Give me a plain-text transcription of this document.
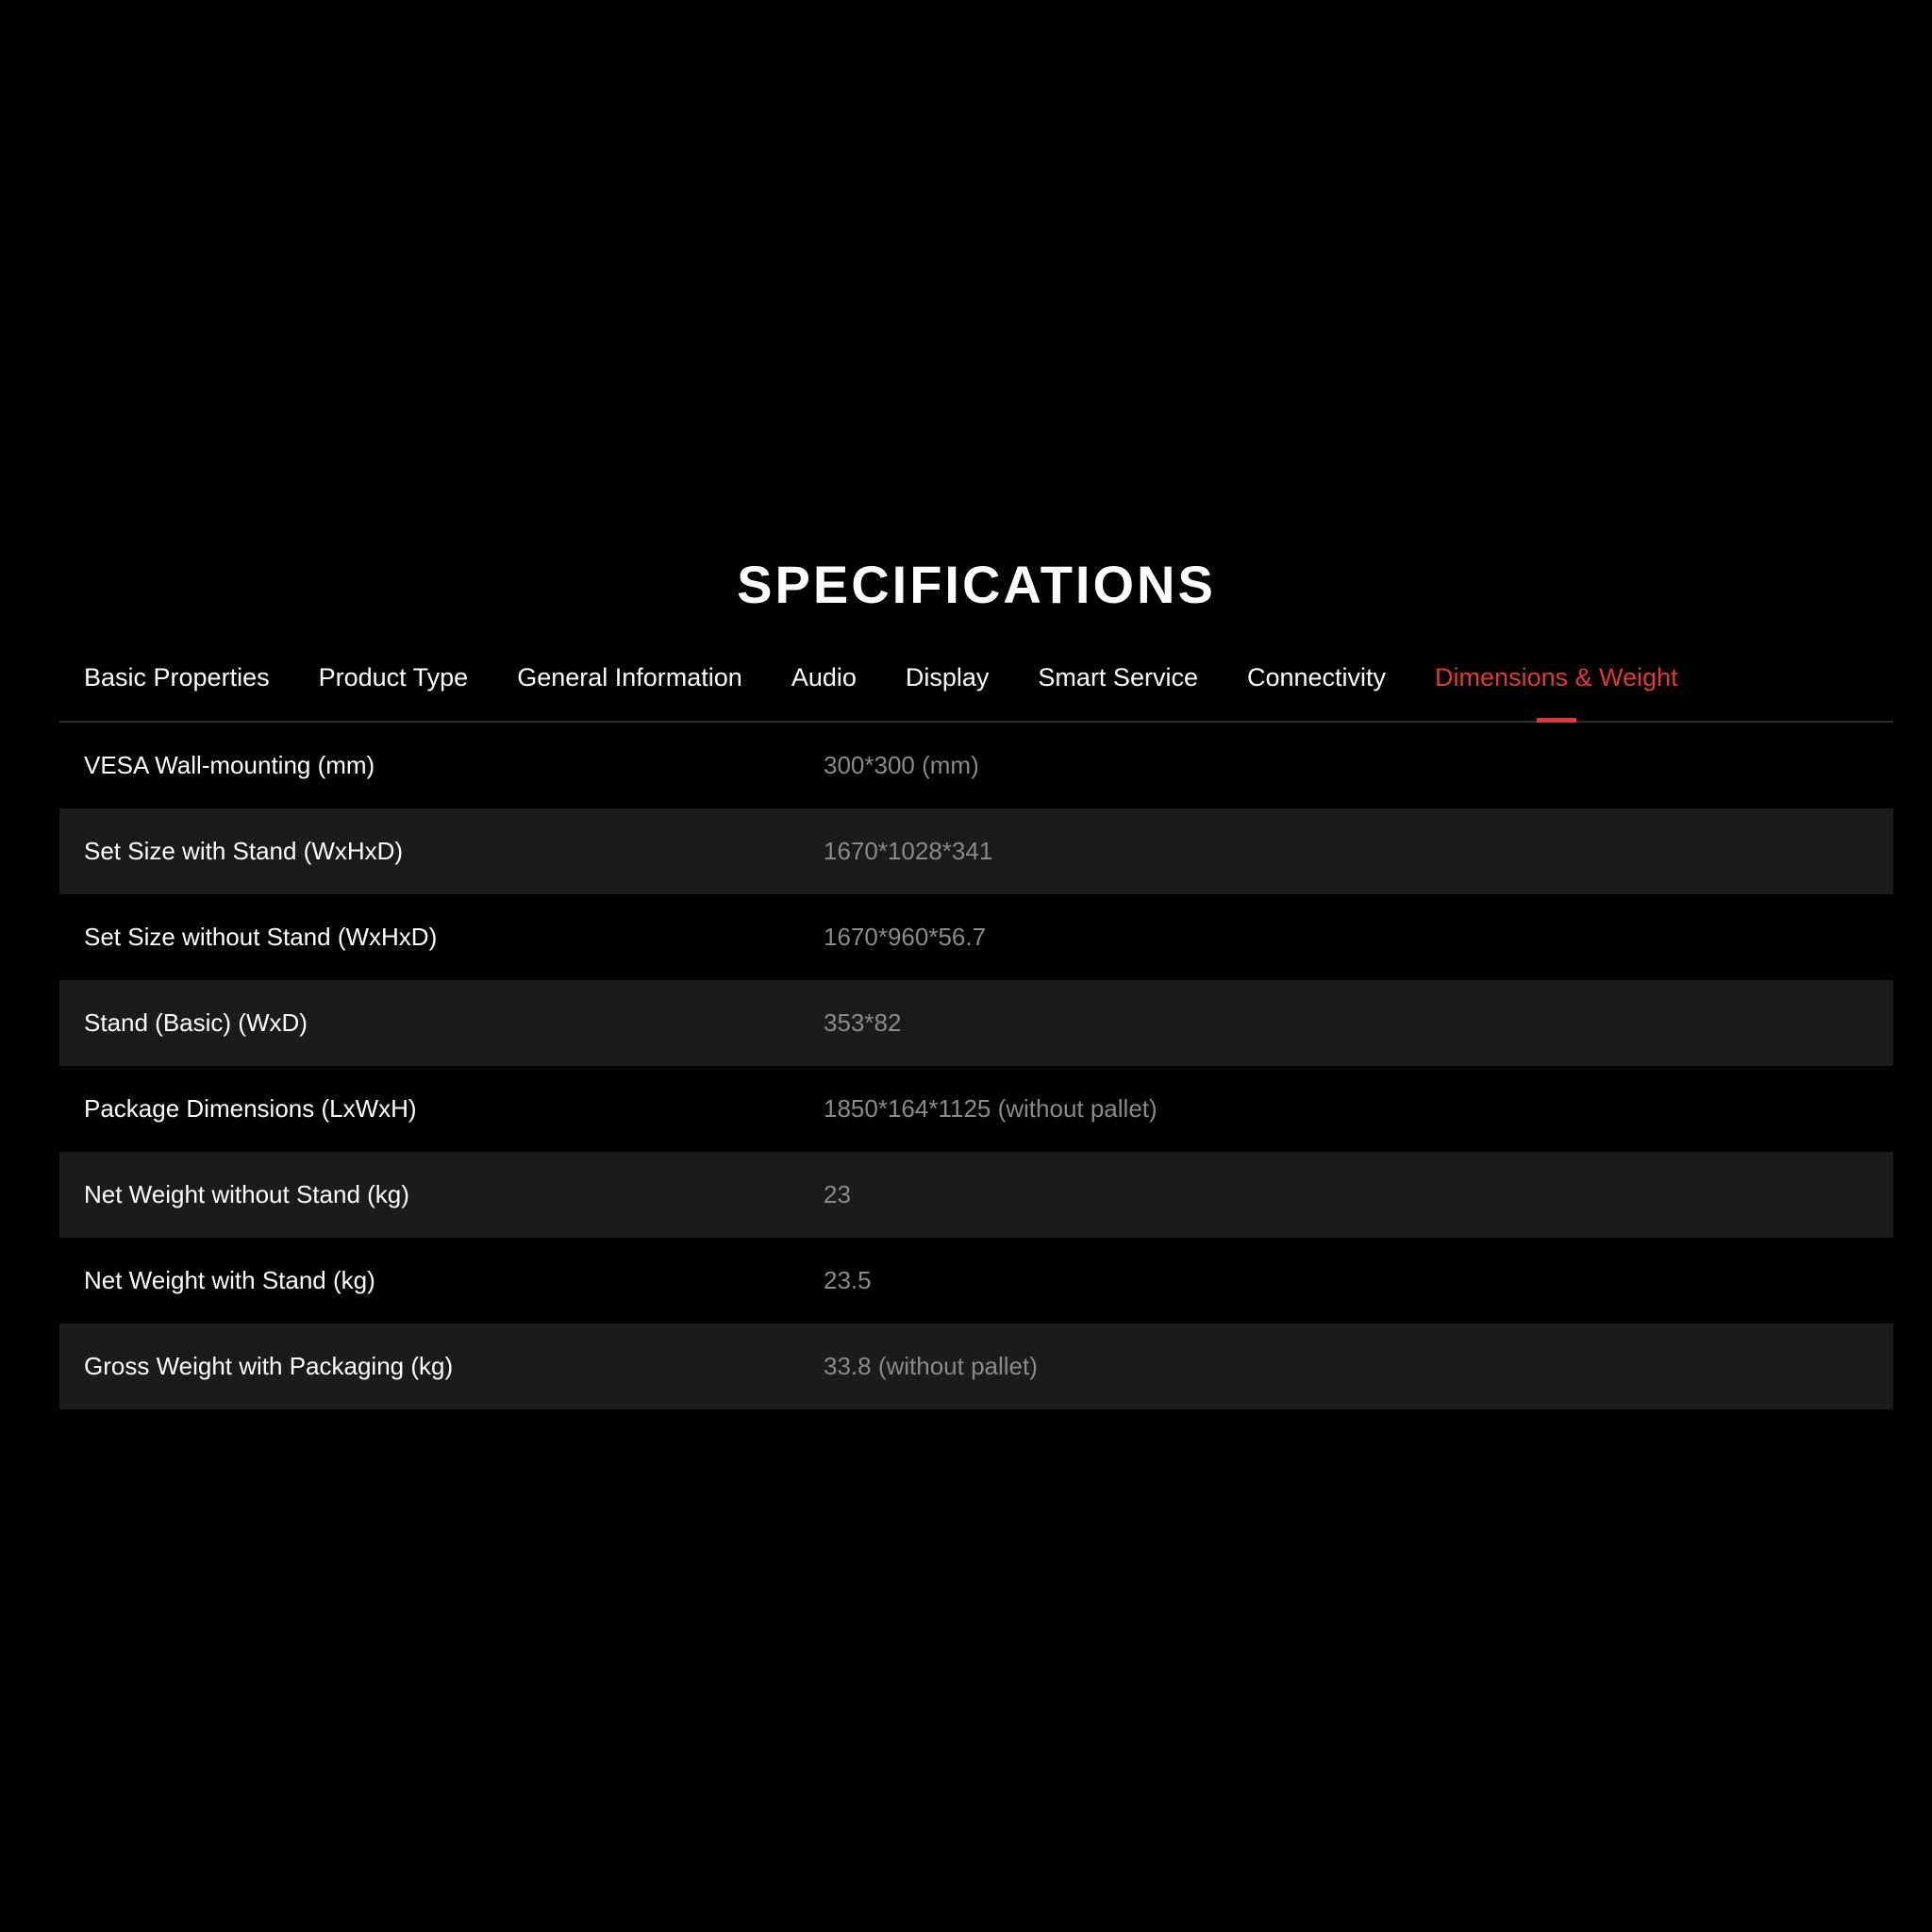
SPECIFICATIONS
Basic Properties Product Type General Information Audio Display Smart Service Connectivity Dimensions & Weight
VESA Wall-mounting (mm)	300*300 (mm)
Set Size with Stand (WxHxD)	1670*1028*341
Set Size without Stand (WxHxD)	1670*960*56.7
Stand (Basic) (WxD)	353*82
Package Dimensions (LxWxH)	1850*164*1125 (without pallet)
Net Weight without Stand (kg)	23
Net Weight with Stand (kg)	23.5
Gross Weight with Packaging (kg)	33.8 (without pallet)
